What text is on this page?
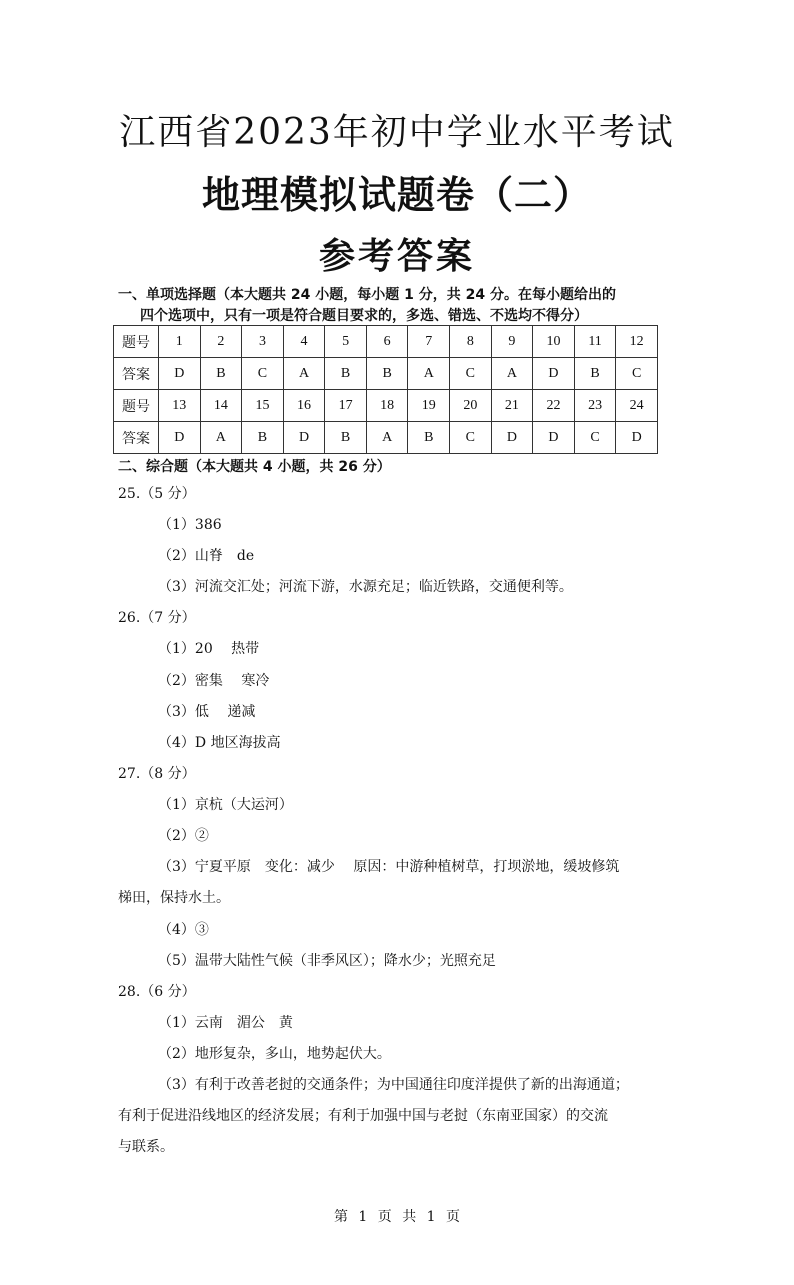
江西省2023年初中学业水平考试
地理模拟试题卷（二）
参考答案
一、单项选择题（本大题共 24 小题，每小题 1 分，共 24 分。在每小题给出的
四个选项中，只有一项是符合题目要求的，多选、错选、不选均不得分）
题号	1	2	3	4	5	6	7	8	9	10	11	12
答案	D	B	C	A	B	B	A	C	A	D	B	C
题号	13	14	15	16	17	18	19	20	21	22	23	24
答案	D	A	B	D	B	A	B	C	D	D	C	D
二、综合题（本大题共 4 小题，共 26 分）
25.（5 分）
（1）386
（2）山脊　de
（3）河流交汇处；河流下游，水源充足；临近铁路，交通便利等。
26.（7 分）
（1）20　 热带
（2）密集　 寒冷
（3）低　 递减
（4）D 地区海拔高
27.（8 分）
（1）京杭（大运河）
（2）②
（3）宁夏平原　变化：减少　 原因：中游种植树草，打坝淤地，缓坡修筑
梯田，保持水土。
（4）③
（5）温带大陆性气候（非季风区）；降水少；光照充足
28.（6 分）
（1）云南　湄公　黄
（2）地形复杂，多山，地势起伏大。
（3）有利于改善老挝的交通条件；为中国通往印度洋提供了新的出海通道；
有利于促进沿线地区的经济发展；有利于加强中国与老挝（东南亚国家）的交流
与联系。
第 1 页 共 1 页
